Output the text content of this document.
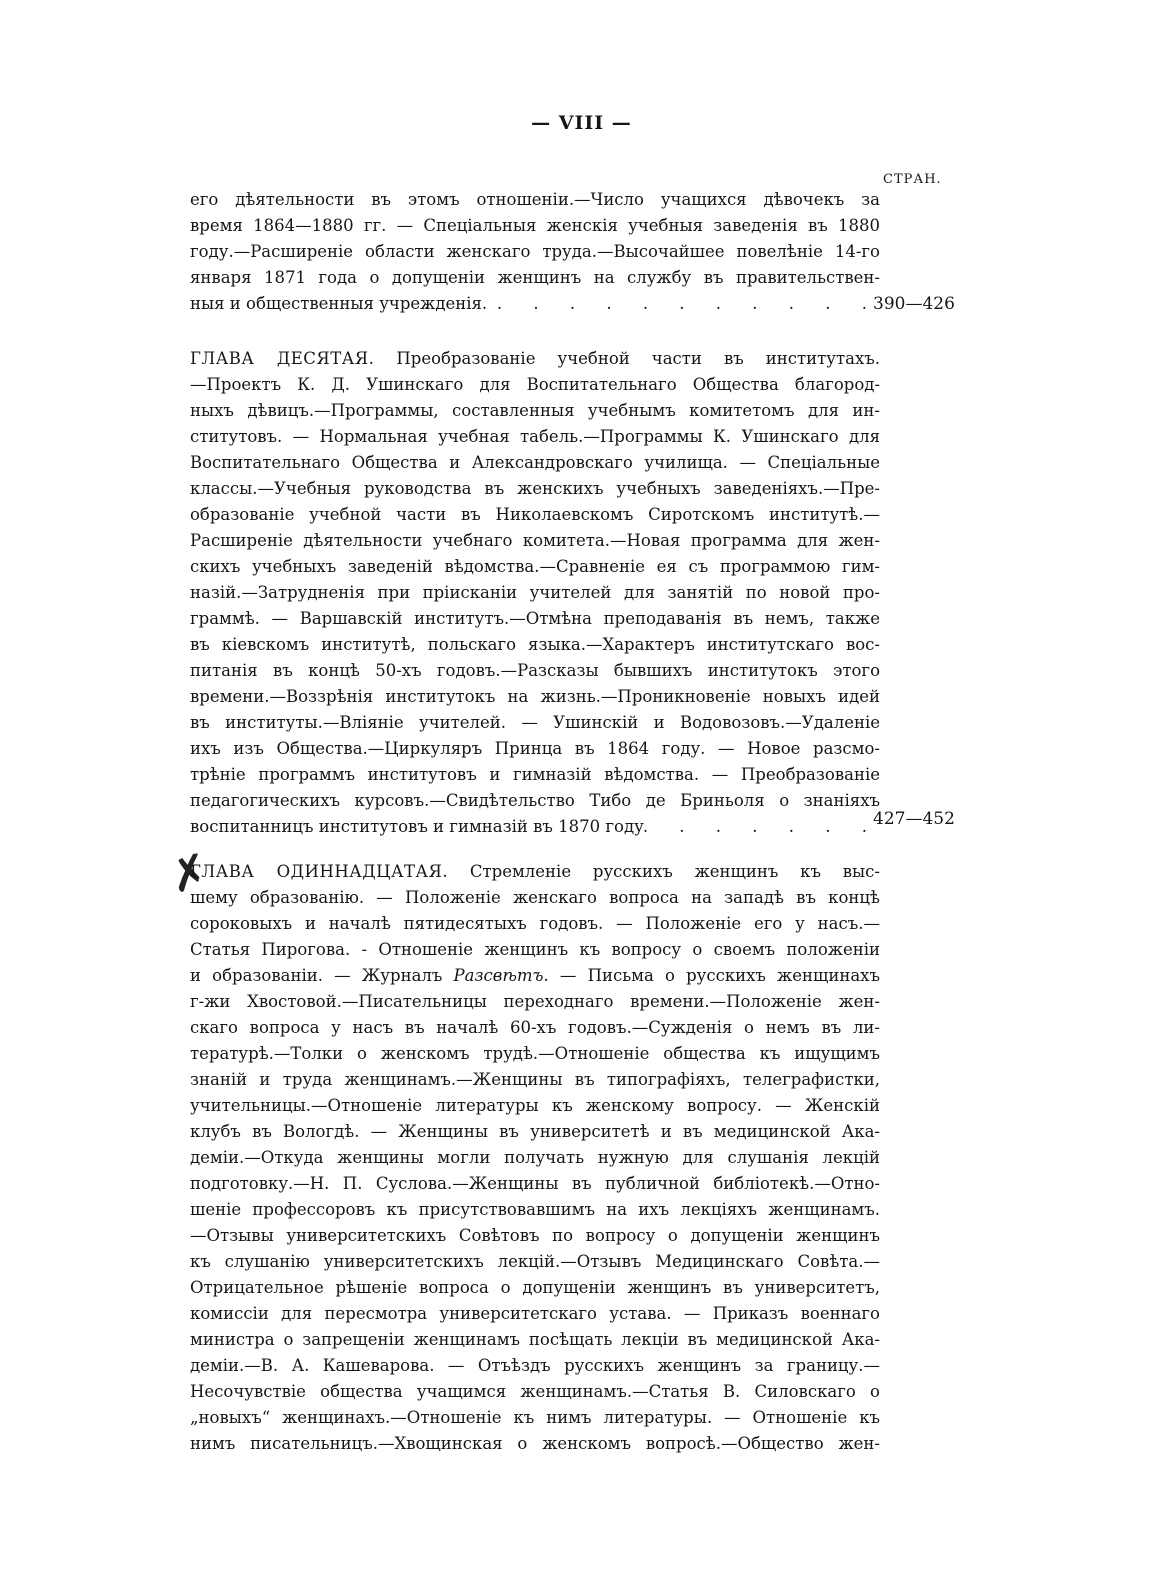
— VIII —
СТРАН.
его дѣятельности въ этомъ отношеніи.—Число учащихся дѣвочекъ за
время 1864—1880 гг. — Спеціальныя женскія учебныя заведенія въ 1880
году.—Расширеніе области женскаго труда.—Высочайшее повелѣніе 14-го
января 1871 года о допущеніи женщинъ на службу въ правительствен-
ныя и общественныя учрежденія.
. . . . . . . . . . . . .
390—426
ГЛАВА ДЕСЯТАЯ. Преобразованіе учебной части въ институтахъ.
—Проектъ К. Д. Ушинскаго для Воспитательнаго Общества благород-
ныхъ дѣвицъ.—Программы, составленныя учебнымъ комитетомъ для ин-
ститутовъ. — Нормальная учебная табель.—Программы К. Ушинскаго для
Воспитательнаго Общества и Александровскаго училища. — Спеціальные
классы.—Учебныя руководства въ женскихъ учебныхъ заведеніяхъ.—Пре-
образованіе учебной части въ Николаевскомъ Сиротскомъ институтѣ.—
Расширеніе дѣятельности учебнаго комитета.—Новая программа для жен-
скихъ учебныхъ заведеній вѣдомства.—Сравненіе ея съ программою гим-
назій.—Затрудненія при пріисканіи учителей для занятій по новой про-
граммѣ. — Варшавскій институтъ.—Отмѣна преподаванія въ немъ, также
въ кіевскомъ институтѣ, польскаго языка.—Характеръ институтскаго вос-
питанія въ концѣ 50-хъ годовъ.—Разсказы бывшихъ институтокъ этого
времени.—Воззрѣнія институтокъ на жизнь.—Проникновеніе новыхъ идей
въ институты.—Вліяніе учителей. — Ушинскій и Водовозовъ.—Удаленіе
ихъ изъ Общества.—Циркуляръ Принца въ 1864 году. — Новое разсмо-
трѣніе программъ институтовъ и гимназій вѣдомства. — Преобразованіе
педагогическихъ курсовъ.—Свидѣтельство Тибо де Бриньоля о знаніяхъ
воспитанницъ институтовъ и гимназій въ 1870 году
. . . . . . .
427—452
✗
ГЛАВА ОДИННАДЦАТАЯ. Стремленіе русскихъ женщинъ къ выс-
шему образованію. — Положеніе женскаго вопроса на западѣ въ концѣ
сороковыхъ и началѣ пятидесятыхъ годовъ. — Положеніе его у насъ.—
Статья Пирогова. - Отношеніе женщинъ къ вопросу о своемъ положеніи
и образованіи. — Журналъ Разсвѣтъ. — Письма о русскихъ женщинахъ
г-жи Хвостовой.—Писательницы переходнаго времени.—Положеніе жен-
скаго вопроса у насъ въ началѣ 60-хъ годовъ.—Сужденія о немъ въ ли-
тературѣ.—Толки о женскомъ трудѣ.—Отношеніе общества къ ищущимъ
знаній и труда женщинамъ.—Женщины въ типографіяхъ, телеграфистки,
учительницы.—Отношеніе литературы къ женскому вопросу. — Женскій
клубъ въ Вологдѣ. — Женщины въ университетѣ и въ медицинской Ака-
деміи.—Откуда женщины могли получать нужную для слушанія лекцій
подготовку.—Н. П. Суслова.—Женщины въ публичной библіотекѣ.—Отно-
шеніе профессоровъ къ присутствовавшимъ на ихъ лекціяхъ женщинамъ.
—Отзывы университетскихъ Совѣтовъ по вопросу о допущеніи женщинъ
къ слушанію университетскихъ лекцій.—Отзывъ Медицинскаго Совѣта.—
Отрицательное рѣшеніе вопроса о допущеніи женщинъ въ университетъ,
комиссіи для пересмотра университетскаго устава. — Приказъ военнаго
министра о запрещеніи женщинамъ посѣщать лекціи въ медицинской Ака-
деміи.—В. А. Кашеварова. — Отъѣздъ русскихъ женщинъ за границу.—
Несочувствіе общества учащимся женщинамъ.—Статья В. Силовскаго о
„новыхъ“ женщинахъ.—Отношеніе къ нимъ литературы. — Отношеніе къ
нимъ писательницъ.—Хвощинская о женскомъ вопросѣ.—Общество жен-
